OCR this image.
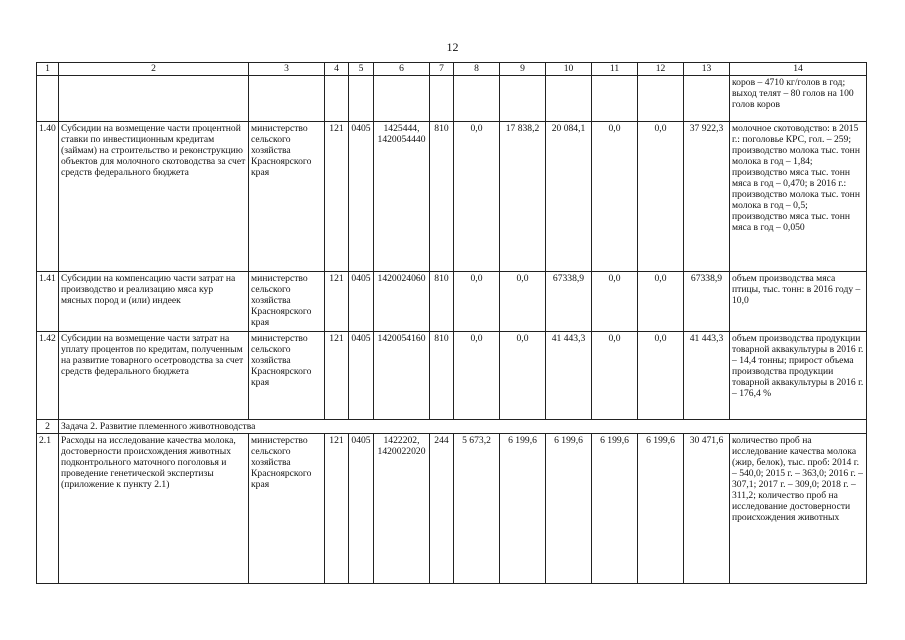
12
1	2	3	4	5	6	7	8	9	10	11	12	13	14
													коров – 4710 кг/голов в год; выход телят – 80 голов на 100 голов коров
1.40	Субсидии на возмещение части процентной ставки по инвестиционным кредитам (займам) на строительство и реконструкцию объектов для молочного скотоводства за счет средств федерального бюджета	министерство сельского хозяйства Красноярского края	121	0405	1425444, 1420054440	810	0,0	17 838,2	20 084,1	0,0	0,0	37 922,3	молочное скотоводство: в 2015 г.: поголовье КРС, гол. – 259; производство молока тыс. тонн молока в год – 1,84; производство мяса тыс. тонн мяса в год – 0,470; в 2016 г.: производство молока тыс. тонн молока в год – 0,5; производство мяса тыс. тонн мяса в год – 0,050
1.41	Субсидии на компенсацию части затрат на производство и реализацию мяса кур мясных пород и (или) индеек	министерство сельского хозяйства Красноярского края	121	0405	1420024060	810	0,0	0,0	67338,9	0,0	0,0	67338,9	объем производства мяса птицы, тыс. тонн: в 2016 году – 10,0
1.42	Субсидии на возмещение части затрат на уплату процентов по кредитам, полученным на развитие товарного осетроводства за счет средств федерального бюджета	министерство сельского хозяйства Красноярского края	121	0405	1420054160	810	0,0	0,0	41 443,3	0,0	0,0	41 443,3	объем производства продукции товарной аквакультуры в 2016 г. – 14,4 тонны; прирост объема производства продукции товарной аквакультуры в 2016 г. – 176,4 %
2	Задача 2. Развитие племенного животноводства												
2.1	Расходы на исследование качества молока, достоверности происхождения животных подконтрольного маточного поголовья и проведение генетической экспертизы (приложение к пункту 2.1)	министерство сельского хозяйства Красноярского края	121	0405	1422202, 1420022020	244	5 673,2	6 199,6	6 199,6	6 199,6	6 199,6	30 471,6	количество проб на исследование качества молока (жир, белок), тыс. проб: 2014 г. – 540,0; 2015 г. – 363,0; 2016 г. – 307,1; 2017 г. – 309,0; 2018 г. – 311,2; количество проб на исследование достоверности происхождения животных
